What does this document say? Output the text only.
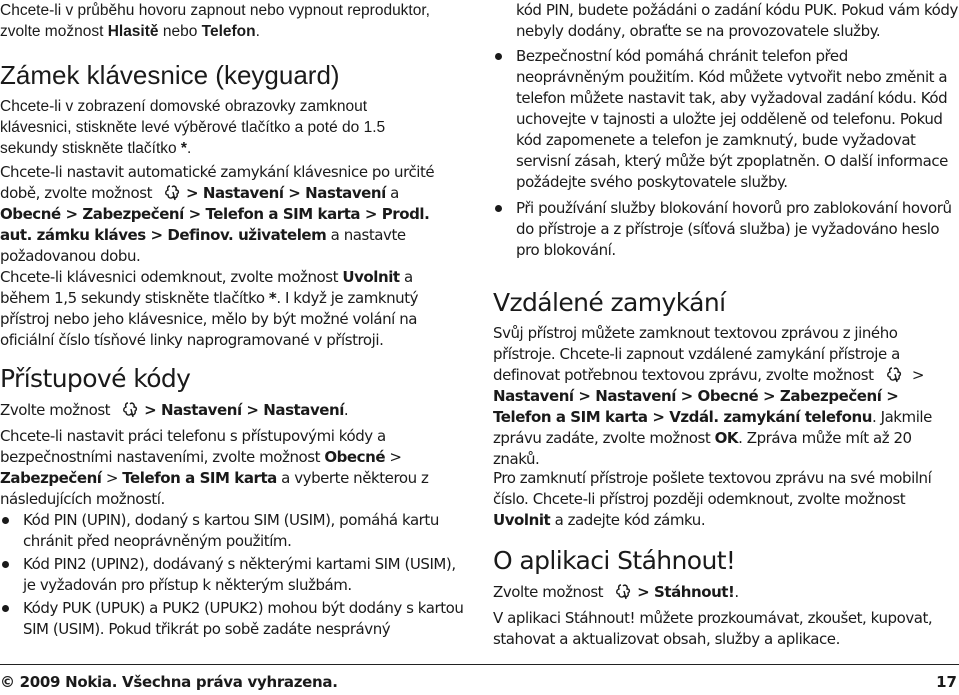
Chcete-li v průběhu hovoru zapnout nebo vypnout reproduktor, zvolte možnost Hlasitě nebo Telefon.

Zámek klávesnice (keyguard)

Chcete-li v zobrazení domovské obrazovky zamknout klávesnici, stiskněte levé výběrové tlačítko a poté do 1.5 sekundy stiskněte tlačítko *.

Chcete-li nastavit automatické zamykání klávesnice po určité době, zvolte možnost > Nastavení > Nastavení a Obecné > Zabezpečení > Telefon a SIM karta > Prodl. aut. zámku kláves > Definov. uživatelem a nastavte požadovanou dobu.

Chcete-li klávesnici odemknout, zvolte možnost Uvolnit a během 1,5 sekundy stiskněte tlačítko *. I když je zamknutý přístroj nebo jeho klávesnice, mělo by být možné volání na oficiální číslo tísňové linky naprogramované v přístroji.

Přístupové kódy

Zvolte možnost > Nastavení > Nastavení.

Chcete-li nastavit práci telefonu s přístupovými kódy a bezpečnostními nastaveními, zvolte možnost Obecné > Zabezpečení > Telefon a SIM karta a vyberte některou z následujících možností.

Kód PIN (UPIN), dodaný s kartou SIM (USIM), pomáhá kartu chránit před neoprávněným použitím.
Kód PIN2 (UPIN2), dodávaný s některými kartami SIM (USIM), je vyžadován pro přístup k některým službám.
Kódy PUK (UPUK) a PUK2 (UPUK2) mohou být dodány s kartou SIM (USIM). Pokud třikrát po sobě zadáte nesprávný
kód PIN, budete požádáni o zadání kódu PUK. Pokud vám kódy nebyly dodány, obraťte se na provozovatele služby.
Bezpečnostní kód pomáhá chránit telefon před neoprávněným použitím. Kód můžete vytvořit nebo změnit a telefon můžete nastavit tak, aby vyžadoval zadání kódu. Kód uchovejte v tajnosti a uložte jej odděleně od telefonu. Pokud kód zapomenete a telefon je zamknutý, bude vyžadovat servisní zásah, který může být zpoplatněn. O další informace požádejte svého poskytovatele služby.
Při používání služby blokování hovorů pro zablokování hovorů do přístroje a z přístroje (síťová služba) je vyžadováno heslo pro blokování.
Vzdálené zamykání

Svůj přístroj můžete zamknout textovou zprávou z jiného přístroje. Chcete-li zapnout vzdálené zamykání přístroje a definovat potřebnou textovou zprávu, zvolte možnost
> Nastavení > Nastavení > Obecné > Zabezpečení > Telefon a SIM karta > Vzdál. zamykání telefonu. Jakmile zprávu zadáte, zvolte možnost OK. Zpráva může mít až 20 znaků.

Pro zamknutí přístroje pošlete textovou zprávu na své mobilní číslo. Chcete-li přístroj později odemknout, zvolte možnost Uvolnit a zadejte kód zámku.

O aplikaci Stáhnout!

Zvolte možnost > Stáhnout!.

V aplikaci Stáhnout! můžete prozkoumávat, zkoušet, kupovat, stahovat a aktualizovat obsah, služby a aplikace.

© 2009 Nokia. Všechna práva vyhrazena.	17
